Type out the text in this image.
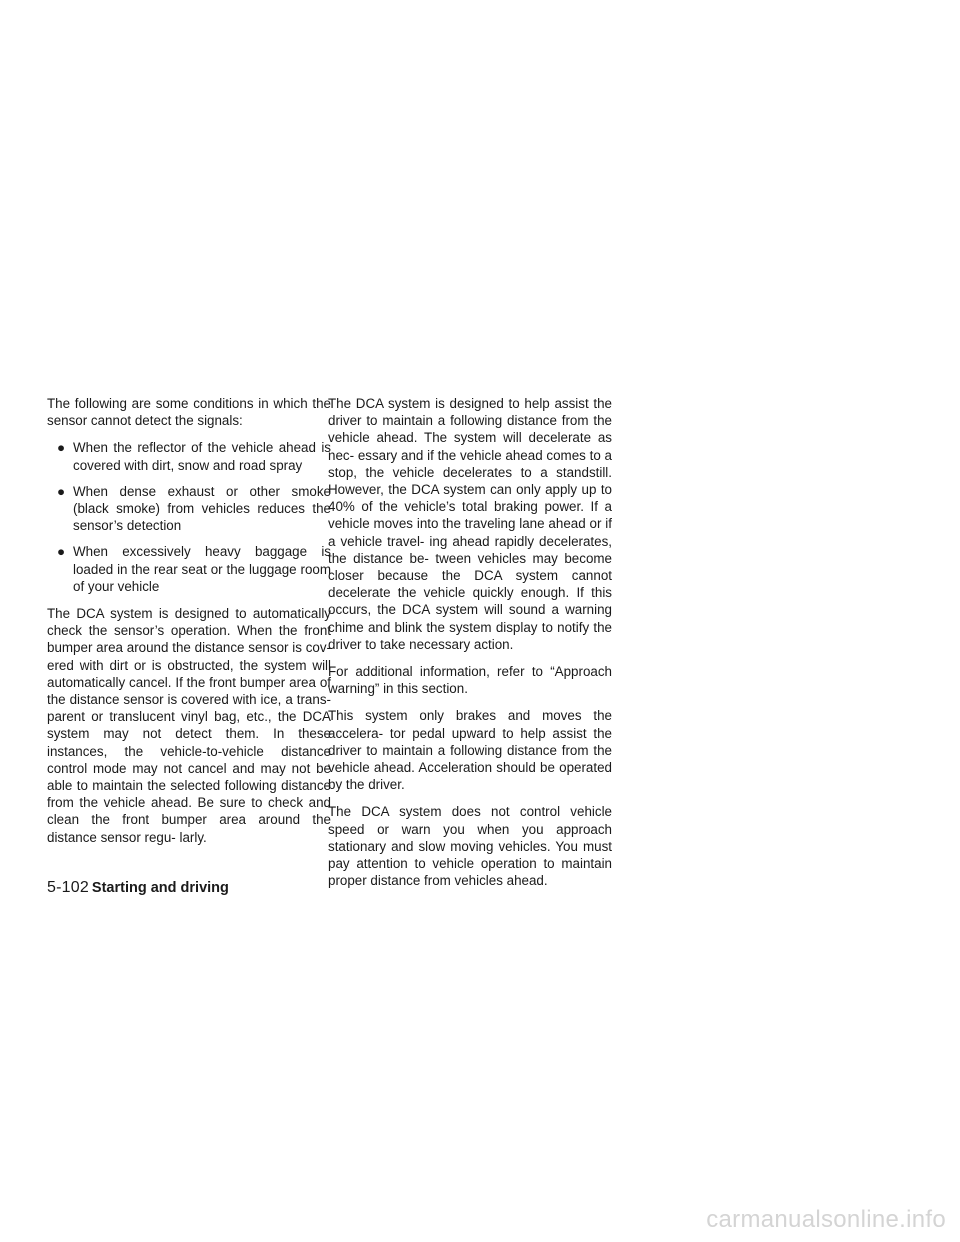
The following are some conditions in which the sensor cannot detect the signals:

● When the reflector of the vehicle ahead is covered with dirt, snow and road spray
● When dense exhaust or other smoke (black smoke) from vehicles reduces the sensor’s detection
● When excessively heavy baggage is loaded in the rear seat or the luggage room of your vehicle

The DCA system is designed to automatically check the sensor’s operation. When the front bumper area around the distance sensor is cov- ered with dirt or is obstructed, the system will automatically cancel. If the front bumper area of the distance sensor is covered with ice, a trans- parent or translucent vinyl bag, etc., the DCA system may not detect them. In these instances, the vehicle-to-vehicle distance control mode may not cancel and may not be able to maintain the selected following distance from the vehicle ahead. Be sure to check and clean the front bumper area around the distance sensor regu- larly.

The DCA system is designed to help assist the driver to maintain a following distance from the vehicle ahead. The system will decelerate as nec- essary and if the vehicle ahead comes to a stop, the vehicle decelerates to a standstill. However, the DCA system can only apply up to 40% of the vehicle’s total braking power. If a vehicle moves into the traveling lane ahead or if a vehicle travel- ing ahead rapidly decelerates, the distance be- tween vehicles may become closer because the DCA system cannot decelerate the vehicle quickly enough. If this occurs, the DCA system will sound a warning chime and blink the system display to notify the driver to take necessary action.

For additional information, refer to “Approach warning” in this section.

This system only brakes and moves the accelera- tor pedal upward to help assist the driver to maintain a following distance from the vehicle ahead. Acceleration should be operated by the driver.

The DCA system does not control vehicle speed or warn you when you approach stationary and slow moving vehicles. You must pay attention to vehicle operation to maintain proper distance from vehicles ahead.

5-102 Starting and driving
carmanualsonline.info
